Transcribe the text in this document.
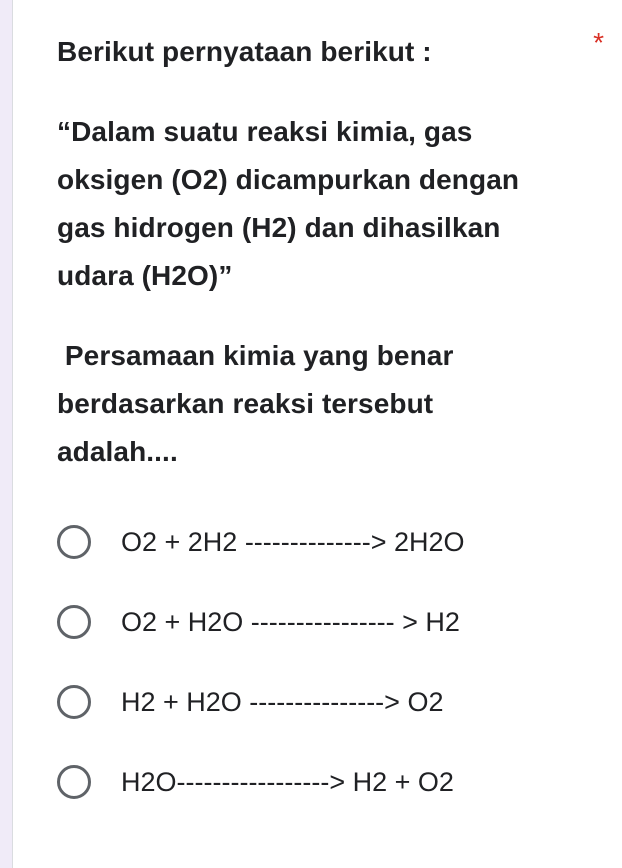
Berikut pernyataan berikut :
“Dalam suatu reaksi kimia, gas
oksigen (O2) dicampurkan dengan
gas hidrogen (H2) dan dihasilkan
udara (H2O)”
Persamaan kimia yang benar
berdasarkan reaksi tersebut
adalah....
*
O2 + 2H2 --------------> 2H2O
O2 + H2O ---------------- > H2
H2 + H2O ---------------> O2
H2O-----------------> H2 + O2
